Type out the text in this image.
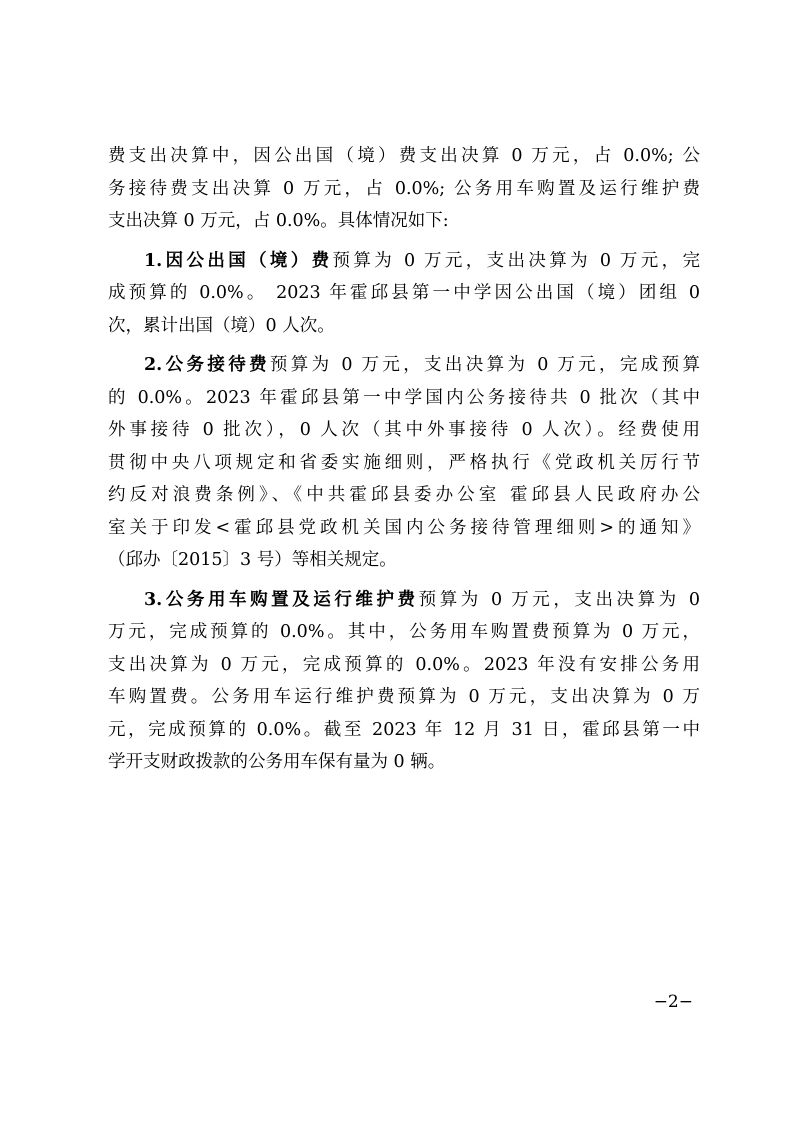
费支出决算中，因公出国（境）费支出决算 0 万元，占 0.0%; 公
务接待费支出决算 0 万元，占 0.0%; 公务用车购置及运行维护费
支出决算 0 万元，占 0.0%。具体情况如下:
1.因公出国（境）费预算为 0 万元，支出决算为 0 万元，完
成预算的 0.0%。 2023 年霍邱县第一中学因公出国（境）团组 0
次，累计出国（境）0 人次。
2.公务接待费预算为 0 万元，支出决算为 0 万元，完成预算
的 0.0%。2023 年霍邱县第一中学国内公务接待共 0 批次（其中
外事接待 0 批次），0 人次（其中外事接待 0 人次）。经费使用
贯彻中央八项规定和省委实施细则，严格执行《党政机关厉行节
约反对浪费条例》、《中共霍邱县委办公室 霍邱县人民政府办公
室关于印发<霍邱县党政机关国内公务接待管理细则>的通知》
（邱办〔2015〕3 号）等相关规定。
3.公务用车购置及运行维护费预算为 0 万元，支出决算为 0
万元，完成预算的 0.0%。其中，公务用车购置费预算为 0 万元，
支出决算为 0 万元，完成预算的 0.0%。2023 年没有安排公务用
车购置费。公务用车运行维护费预算为 0 万元，支出决算为 0 万
元，完成预算的 0.0%。截至 2023 年 12 月 31 日，霍邱县第一中
学开支财政拨款的公务用车保有量为 0 辆。
−2−
